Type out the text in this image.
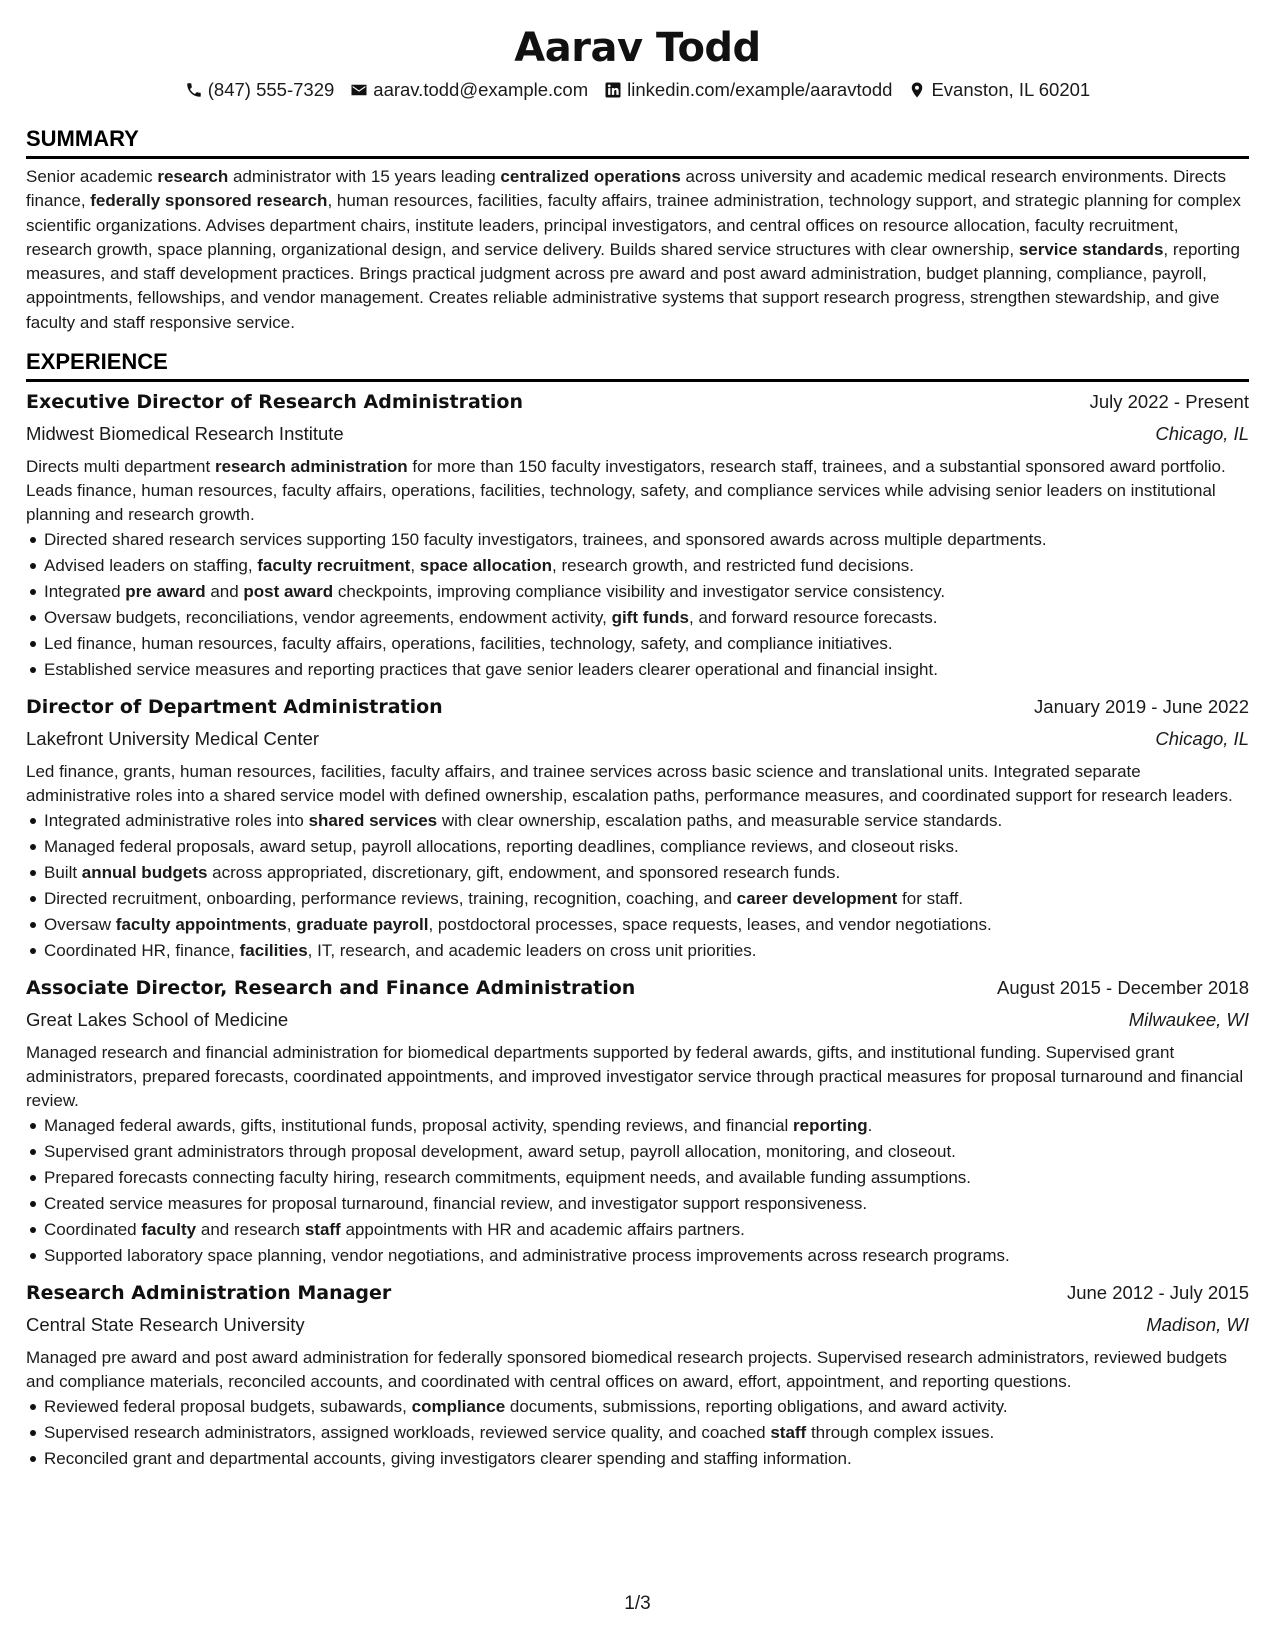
Aarav Todd
(847) 555-7329 aarav.todd@example.com linkedin.com/example/aaravtodd Evanston, IL 60201
SUMMARY
Senior academic research administrator with 15 years leading centralized operations across university and academic medical research environments. Directs finance, federally sponsored research, human resources, facilities, faculty affairs, trainee administration, technology support, and strategic planning for complex scientific organizations. Advises department chairs, institute leaders, principal investigators, and central offices on resource allocation, faculty recruitment, research growth, space planning, organizational design, and service delivery. Builds shared service structures with clear ownership, service standards, reporting measures, and staff development practices. Brings practical judgment across pre award and post award administration, budget planning, compliance, payroll, appointments, fellowships, and vendor management. Creates reliable administrative systems that support research progress, strengthen stewardship, and give faculty and staff responsive service.
EXPERIENCE
Executive Director of Research Administration	July 2022 - Present
Midwest Biomedical Research Institute	Chicago, IL
Directs multi department research administration for more than 150 faculty investigators, research staff, trainees, and a substantial sponsored award portfolio. Leads finance, human resources, faculty affairs, operations, facilities, technology, safety, and compliance services while advising senior leaders on institutional planning and research growth.
Directed shared research services supporting 150 faculty investigators, trainees, and sponsored awards across multiple departments.
Advised leaders on staffing, faculty recruitment, space allocation, research growth, and restricted fund decisions.
Integrated pre award and post award checkpoints, improving compliance visibility and investigator service consistency.
Oversaw budgets, reconciliations, vendor agreements, endowment activity, gift funds, and forward resource forecasts.
Led finance, human resources, faculty affairs, operations, facilities, technology, safety, and compliance initiatives.
Established service measures and reporting practices that gave senior leaders clearer operational and financial insight.
Director of Department Administration	January 2019 - June 2022
Lakefront University Medical Center	Chicago, IL
Led finance, grants, human resources, facilities, faculty affairs, and trainee services across basic science and translational units. Integrated separate administrative roles into a shared service model with defined ownership, escalation paths, performance measures, and coordinated support for research leaders.
Integrated administrative roles into shared services with clear ownership, escalation paths, and measurable service standards.
Managed federal proposals, award setup, payroll allocations, reporting deadlines, compliance reviews, and closeout risks.
Built annual budgets across appropriated, discretionary, gift, endowment, and sponsored research funds.
Directed recruitment, onboarding, performance reviews, training, recognition, coaching, and career development for staff.
Oversaw faculty appointments, graduate payroll, postdoctoral processes, space requests, leases, and vendor negotiations.
Coordinated HR, finance, facilities, IT, research, and academic leaders on cross unit priorities.
Associate Director, Research and Finance Administration	August 2015 - December 2018
Great Lakes School of Medicine	Milwaukee, WI
Managed research and financial administration for biomedical departments supported by federal awards, gifts, and institutional funding. Supervised grant administrators, prepared forecasts, coordinated appointments, and improved investigator service through practical measures for proposal turnaround and financial review.
Managed federal awards, gifts, institutional funds, proposal activity, spending reviews, and financial reporting.
Supervised grant administrators through proposal development, award setup, payroll allocation, monitoring, and closeout.
Prepared forecasts connecting faculty hiring, research commitments, equipment needs, and available funding assumptions.
Created service measures for proposal turnaround, financial review, and investigator support responsiveness.
Coordinated faculty and research staff appointments with HR and academic affairs partners.
Supported laboratory space planning, vendor negotiations, and administrative process improvements across research programs.
Research Administration Manager	June 2012 - July 2015
Central State Research University	Madison, WI
Managed pre award and post award administration for federally sponsored biomedical research projects. Supervised research administrators, reviewed budgets and compliance materials, reconciled accounts, and coordinated with central offices on award, effort, appointment, and reporting questions.
Reviewed federal proposal budgets, subawards, compliance documents, submissions, reporting obligations, and award activity.
Supervised research administrators, assigned workloads, reviewed service quality, and coached staff through complex issues.
Reconciled grant and departmental accounts, giving investigators clearer spending and staffing information.
1/3
